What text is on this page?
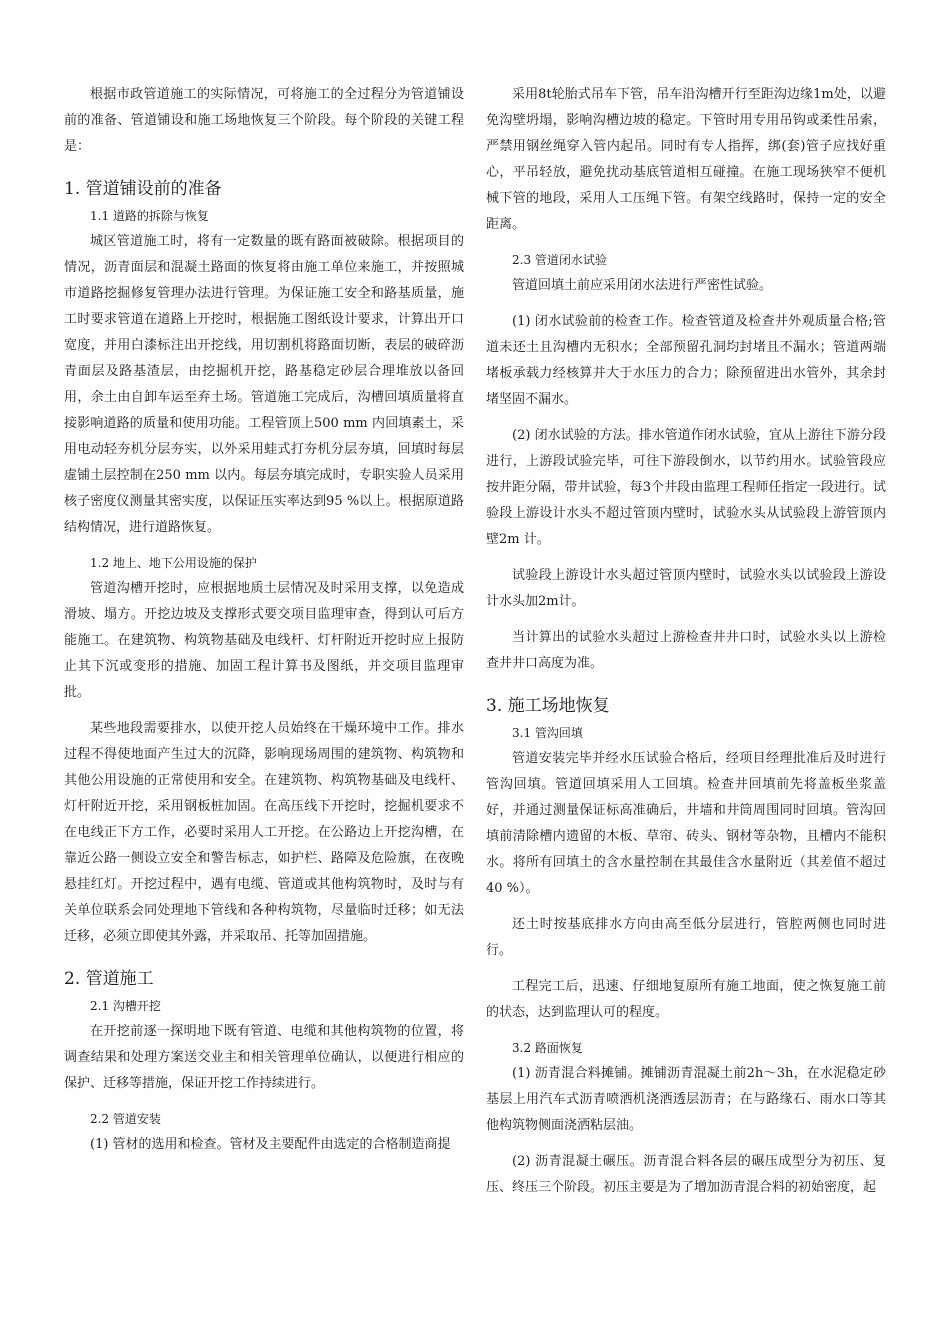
根据市政管道施工的实际情况，可将施工的全过程分为管道铺设前的准备、管道铺设和施工场地恢复三个阶段。每个阶段的关键工程是：

1. 管道铺设前的准备
1.1 道路的拆除与恢复

城区管道施工时，将有一定数量的既有路面被破除。根据项目的情况，沥青面层和混凝土路面的恢复将由施工单位来施工，并按照城市道路挖掘修复管理办法进行管理。为保证施工安全和路基质量，施工时要求管道在道路上开挖时，根据施工图纸设计要求，计算出开口宽度，并用白漆标注出开挖线，用切割机将路面切断，表层的破碎沥青面层及路基渣层，由挖掘机开挖，路基稳定砂层合理堆放以备回用，余土由自卸车运至弃土场。管道施工完成后，沟槽回填质量将直接影响道路的质量和使用功能。工程管顶上500 mm 内回填素土，采用电动轻夯机分层夯实，以外采用蛙式打夯机分层夯填，回填时每层虚铺土层控制在250 mm 以内。每层夯填完成时，专职实验人员采用核子密度仪测量其密实度，以保证压实率达到95 %以上。根据原道路结构情况，进行道路恢复。

1.2 地上、地下公用设施的保护

管道沟槽开挖时，应根据地质土层情况及时采用支撑，以免造成滑坡、塌方。开挖边坡及支撑形式要交项目监理审查，得到认可后方能施工。在建筑物、构筑物基础及电线杆、灯杆附近开挖时应上报防止其下沉或变形的措施、加固工程计算书及图纸，并交项目监理审批。

某些地段需要排水，以使开挖人员始终在干燥环境中工作。排水过程不得使地面产生过大的沉降，影响现场周围的建筑物、构筑物和其他公用设施的正常使用和安全。在建筑物、构筑物基础及电线杆、灯杆附近开挖，采用钢板桩加固。在高压线下开挖时，挖掘机要求不在电线正下方工作，必要时采用人工开挖。在公路边上开挖沟槽，在靠近公路一侧设立安全和警告标志，如护栏、路障及危险旗，在夜晚悬挂红灯。开挖过程中，遇有电缆、管道或其他构筑物时，及时与有关单位联系会同处理地下管线和各种构筑物，尽量临时迁移；如无法迁移，必须立即使其外露，并采取吊、托等加固措施。

2. 管道施工
2.1 沟槽开挖

在开挖前逐一探明地下既有管道、电缆和其他构筑物的位置，将调查结果和处理方案送交业主和相关管理单位确认，以便进行相应的保护、迁移等措施，保证开挖工作持续进行。

2.2 管道安装

(1) 管材的选用和检查。管材及主要配件由选定的合格制造商提

采用8t轮胎式吊车下管，吊车沿沟槽开行至距沟边缘1m处，以避免沟壁坍塌，影响沟槽边坡的稳定。下管时用专用吊钩或柔性吊索，严禁用钢丝绳穿入管内起吊。同时有专人指挥，绑(套)管子应找好重心，平吊轻放，避免扰动基底管道相互碰撞。在施工现场狭窄不便机械下管的地段，采用人工压绳下管。有架空线路时，保持一定的安全距离。

2.3 管道闭水试验

管道回填土前应采用闭水法进行严密性试验。

(1) 闭水试验前的检查工作。检查管道及检查井外观质量合格;管道未还土且沟槽内无积水；全部预留孔洞均封堵且不漏水；管道两端堵板承载力经核算并大于水压力的合力；除预留进出水管外，其余封堵坚固不漏水。

(2) 闭水试验的方法。排水管道作闭水试验，宜从上游往下游分段进行，上游段试验完毕，可往下游段倒水，以节约用水。试验管段应按井距分隔，带井试验，每3个井段由监理工程师任指定一段进行。试验段上游设计水头不超过管顶内壁时，试验水头从试验段上游管顶内壁2m 计。

试验段上游设计水头超过管顶内壁时，试验水头以试验段上游设计水头加2m计。

当计算出的试验水头超过上游检查井井口时，试验水头以上游检查井井口高度为准。

3. 施工场地恢复
3.1 管沟回填

管道安装完毕并经水压试验合格后，经项目经理批准后及时进行管沟回填。管道回填采用人工回填。检查井回填前先将盖板坐浆盖好，并通过测量保证标高准确后，井墙和井筒周围同时回填。管沟回填前清除槽内遗留的木板、草帘、砖头、钢材等杂物，且槽内不能积水。将所有回填土的含水量控制在其最佳含水量附近（其差值不超过40 %）。

还土时按基底排水方向由高至低分层进行，管腔两侧也同时进行。

工程完工后，迅速、仔细地复原所有施工地面，使之恢复施工前的状态，达到监理认可的程度。

3.2 路面恢复

(1) 沥青混合料摊铺。摊铺沥青混凝土前2h～3h，在水泥稳定砂基层上用汽车式沥青喷洒机浇洒透层沥青；在与路缘石、雨水口等其他构筑物侧面浇洒粘层油。

(2) 沥青混凝土碾压。沥青混合料各层的碾压成型分为初压、复压、终压三个阶段。初压主要是为了增加沥青混合料的初始密度，起
